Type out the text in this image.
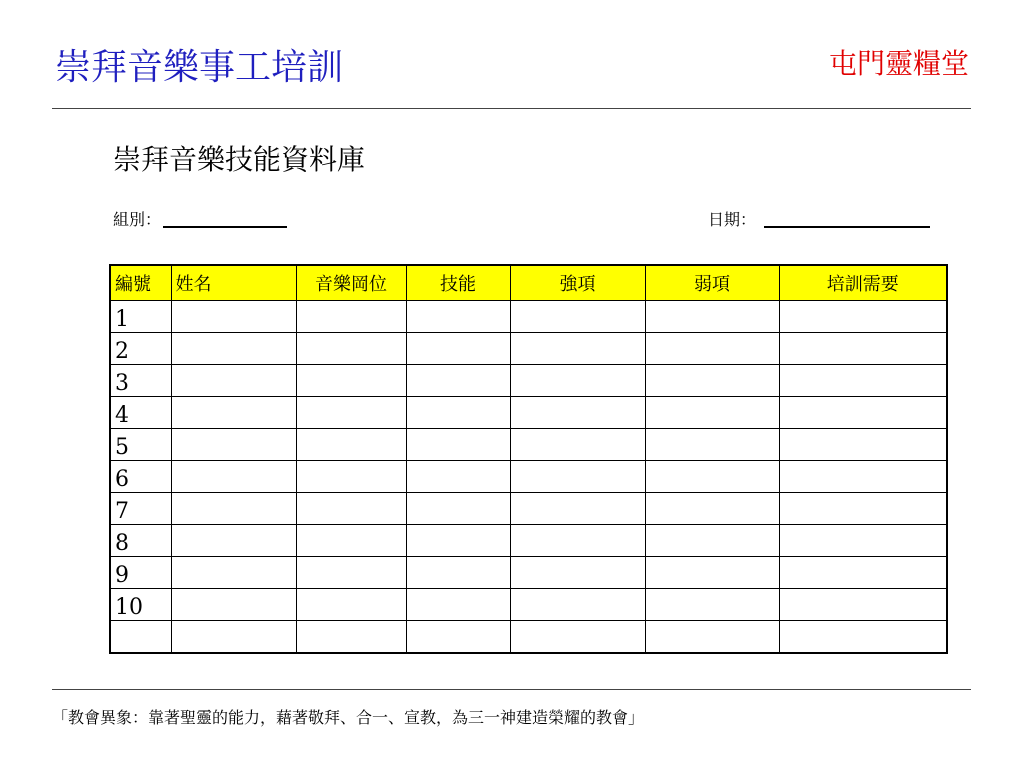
崇拜音樂事工培訓	屯門靈糧堂
崇拜音樂技能資料庫
組別：	日期：
編號	姓名	音樂岡位	技能	強項	弱項	培訓需要
1						
2						
3						
4						
5						
6						
7						
8						
9						
10						

「教會異象：靠著聖靈的能力，藉著敬拜、合一、宣教，為三一神建造榮耀的教會」
